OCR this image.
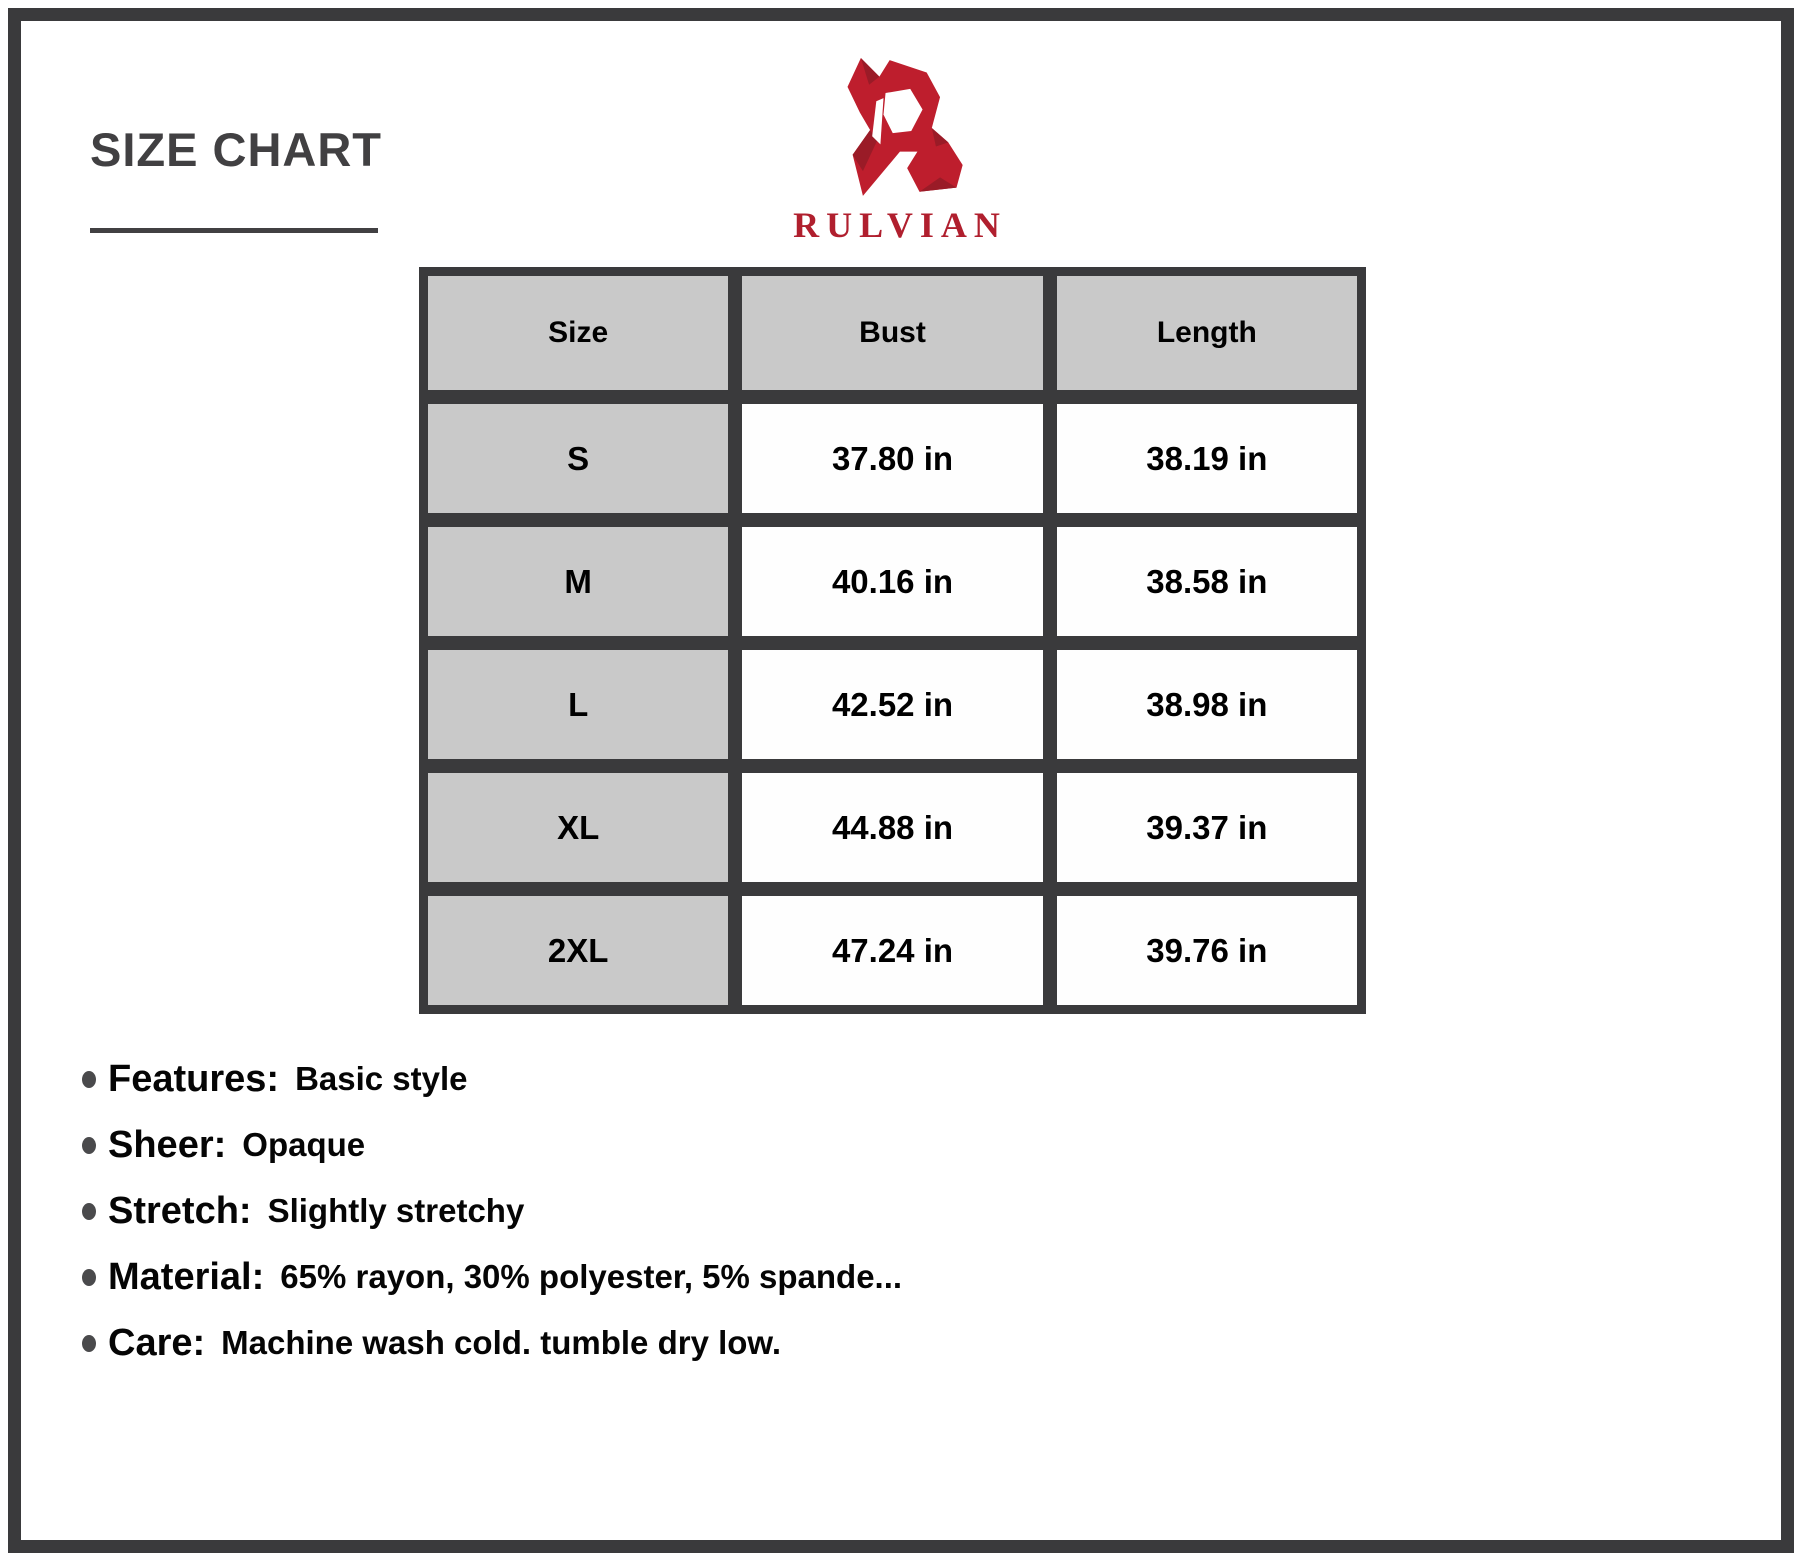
SIZE CHART
RULVIAN
Size	Bust	Length
S	37.80 in	38.19 in
M	40.16 in	38.58 in
L	42.52 in	38.98 in
XL	44.88 in	39.37 in
2XL	47.24 in	39.76 in
Features: Basic style
Sheer: Opaque
Stretch: Slightly stretchy
Material: 65% rayon, 30% polyester, 5% spande...
Care: Machine wash cold. tumble dry low.
